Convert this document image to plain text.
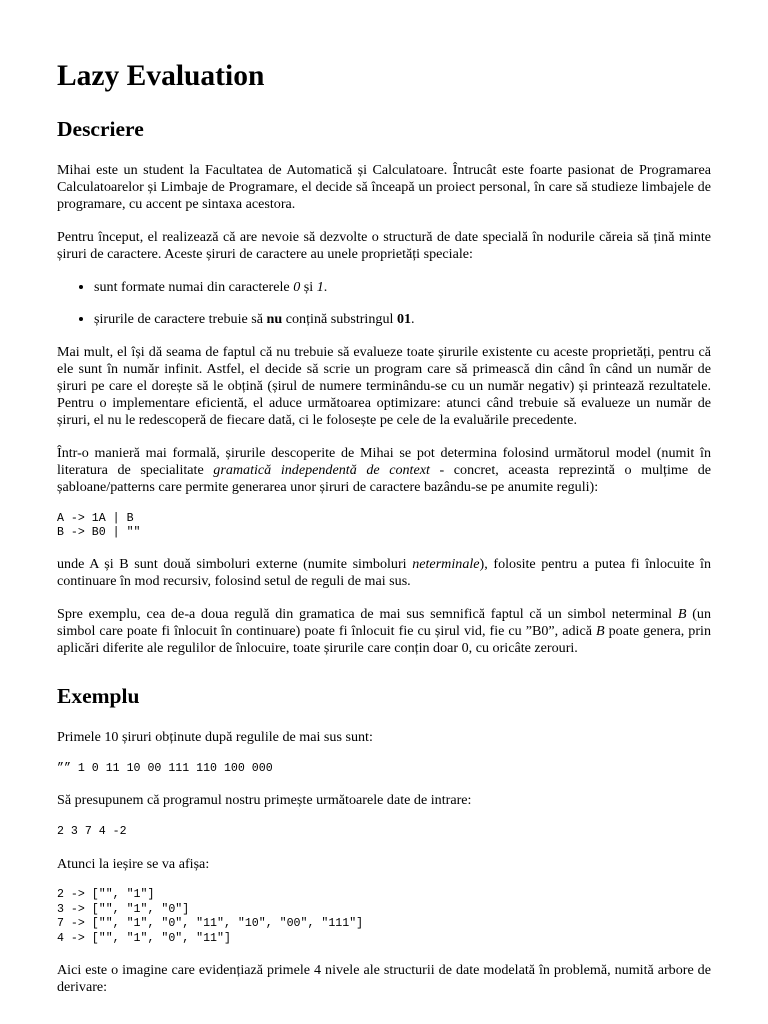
Lazy Evaluation
Descriere

Mihai este un student la Facultatea de Automatică și Calculatoare. Întrucât este foarte pasionat de Programarea Calculatoarelor și Limbaje de Programare, el decide să înceapă un proiect personal, în care să studieze limbajele de programare, cu accent pe sintaxa acestora.

Pentru început, el realizează că are nevoie să dezvolte o structură de date specială în nodurile căreia să țină minte șiruri de caractere. Aceste șiruri de caractere au unele proprietăți speciale:

• sunt formate numai din caracterele 0 și 1.
• șirurile de caractere trebuie să nu conțină substringul 01.

Mai mult, el își dă seama de faptul că nu trebuie să evalueze toate șirurile existente cu aceste proprietăți, pentru că ele sunt în număr infinit. Astfel, el decide să scrie un program care să primească din când în când un număr de șiruri pe care el dorește să le obțină (șirul de numere terminându-se cu un număr negativ) și printează rezultatele. Pentru o implementare eficientă, el aduce următoarea optimizare: atunci când trebuie să evalueze un număr de șiruri, el nu le redescoperă de fiecare dată, ci le folosește pe cele de la evaluările precedente.

Într-o manieră mai formală, șirurile descoperite de Mihai se pot determina folosind următorul model (numit în literatura de specialitate gramatică independentă de context - concret, aceasta reprezintă o mulțime de șabloane/patterns care permite generarea unor șiruri de caractere bazându-se pe anumite reguli):

A -> 1A | B
B -> B0 | ""

unde A și B sunt două simboluri externe (numite simboluri neterminale), folosite pentru a putea fi înlocuite în continuare în mod recursiv, folosind setul de reguli de mai sus.

Spre exemplu, cea de-a doua regulă din gramatica de mai sus semnifică faptul că un simbol neterminal B (un simbol care poate fi înlocuit în continuare) poate fi înlocuit fie cu șirul vid, fie cu ”B0”, adică B poate genera, prin aplicări diferite ale regulilor de înlocuire, toate șirurile care conțin doar 0, cu oricâte zerouri.

Exemplu

Primele 10 șiruri obținute după regulile de mai sus sunt:

”” 1 0 11 10 00 111 110 100 000

Să presupunem că programul nostru primește următoarele date de intrare:

2 3 7 4 -2

Atunci la ieșire se va afișa:

2 -> ["", "1"]
3 -> ["", "1", "0"]
7 -> ["", "1", "0", "11", "10", "00", "111"]
4 -> ["", "1", "0", "11"]

Aici este o imagine care evidențiază primele 4 nivele ale structurii de date modelată în problemă, numită arbore de derivare:
